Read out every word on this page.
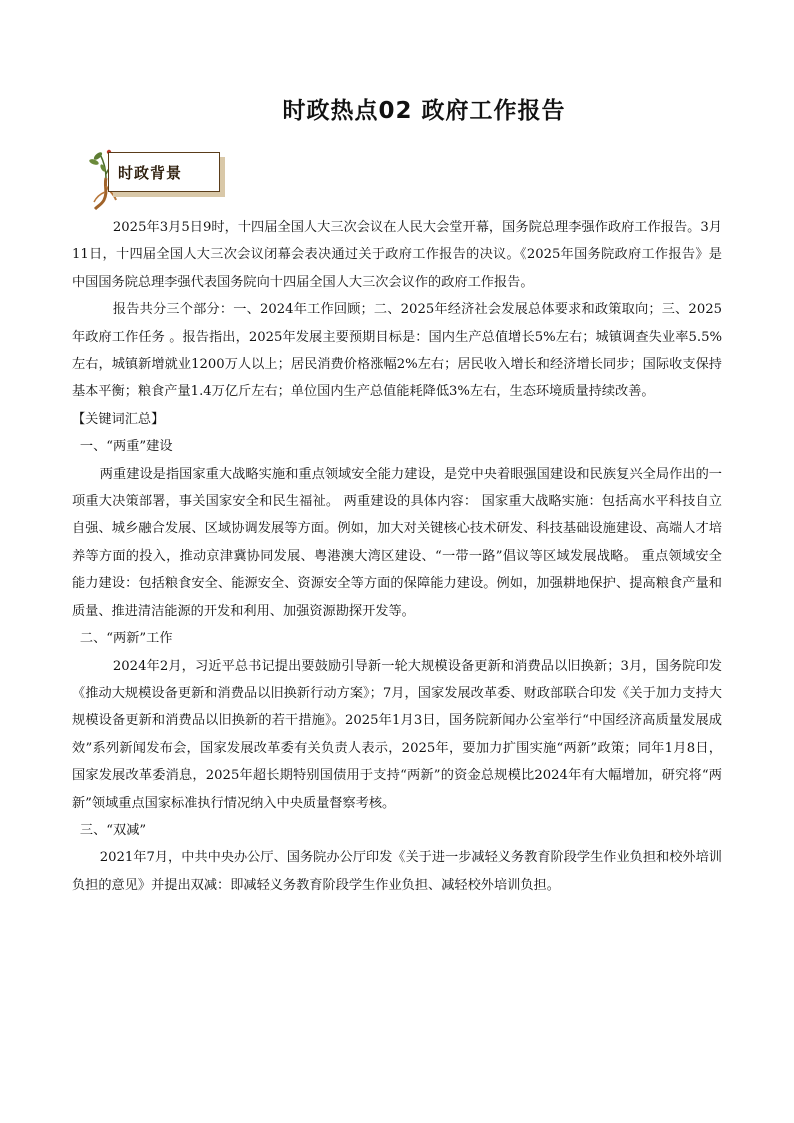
时政热点02 政府工作报告
时政背景

2025年3月5日9时，十四届全国人大三次会议在人民大会堂开幕，国务院总理李强作政府工作报告。3月11日，十四届全国人大三次会议闭幕会表决通过关于政府工作报告的决议。《2025年国务院政府工作报告》是中国国务院总理李强代表国务院向十四届全国人大三次会议作的政府工作报告。

报告共分三个部分：一、2024年工作回顾；二、2025年经济社会发展总体要求和政策取向；三、2025年政府工作任务 。报告指出，2025年发展主要预期目标是：国内生产总值增长5%左右；城镇调查失业率5.5%左右，城镇新增就业1200万人以上；居民消费价格涨幅2%左右；居民收入增长和经济增长同步；国际收支保持基本平衡；粮食产量1.4万亿斤左右；单位国内生产总值能耗降低3%左右，生态环境质量持续改善。

【关键词汇总】

一、“两重”建设

两重建设是指国家重大战略实施和重点领域安全能力建设，是党中央着眼强国建设和民族复兴全局作出的一项重大决策部署，事关国家安全和民生福祉。 两重建设的具体内容： 国家重大战略实施：包括高水平科技自立自强、城乡融合发展、区域协调发展等方面。例如，加大对关键核心技术研发、科技基础设施建设、高端人才培养等方面的投入，推动京津冀协同发展、粤港澳大湾区建设、“一带一路”倡议等区域发展战略。 重点领域安全能力建设：包括粮食安全、能源安全、资源安全等方面的保障能力建设。例如，加强耕地保护、提高粮食产量和质量、推进清洁能源的开发和利用、加强资源勘探开发等。

二、“两新”工作

2024年2月，习近平总书记提出要鼓励引导新一轮大规模设备更新和消费品以旧换新；3月，国务院印发《推动大规模设备更新和消费品以旧换新行动方案》；7月，国家发展改革委、财政部联合印发《关于加力支持大规模设备更新和消费品以旧换新的若干措施》。2025年1月3日，国务院新闻办公室举行“中国经济高质量发展成效”系列新闻发布会，国家发展改革委有关负责人表示，2025年，要加力扩围实施“两新”政策；同年1月8日，国家发展改革委消息，2025年超长期特别国债用于支持“两新”的资金总规模比2024年有大幅增加，研究将“两新”领域重点国家标准执行情况纳入中央质量督察考核。

三、“双减”

2021年7月，中共中央办公厅、国务院办公厅印发《关于进一步减轻义务教育阶段学生作业负担和校外培训负担的意见》并提出双减：即减轻义务教育阶段学生作业负担、减轻校外培训负担。
